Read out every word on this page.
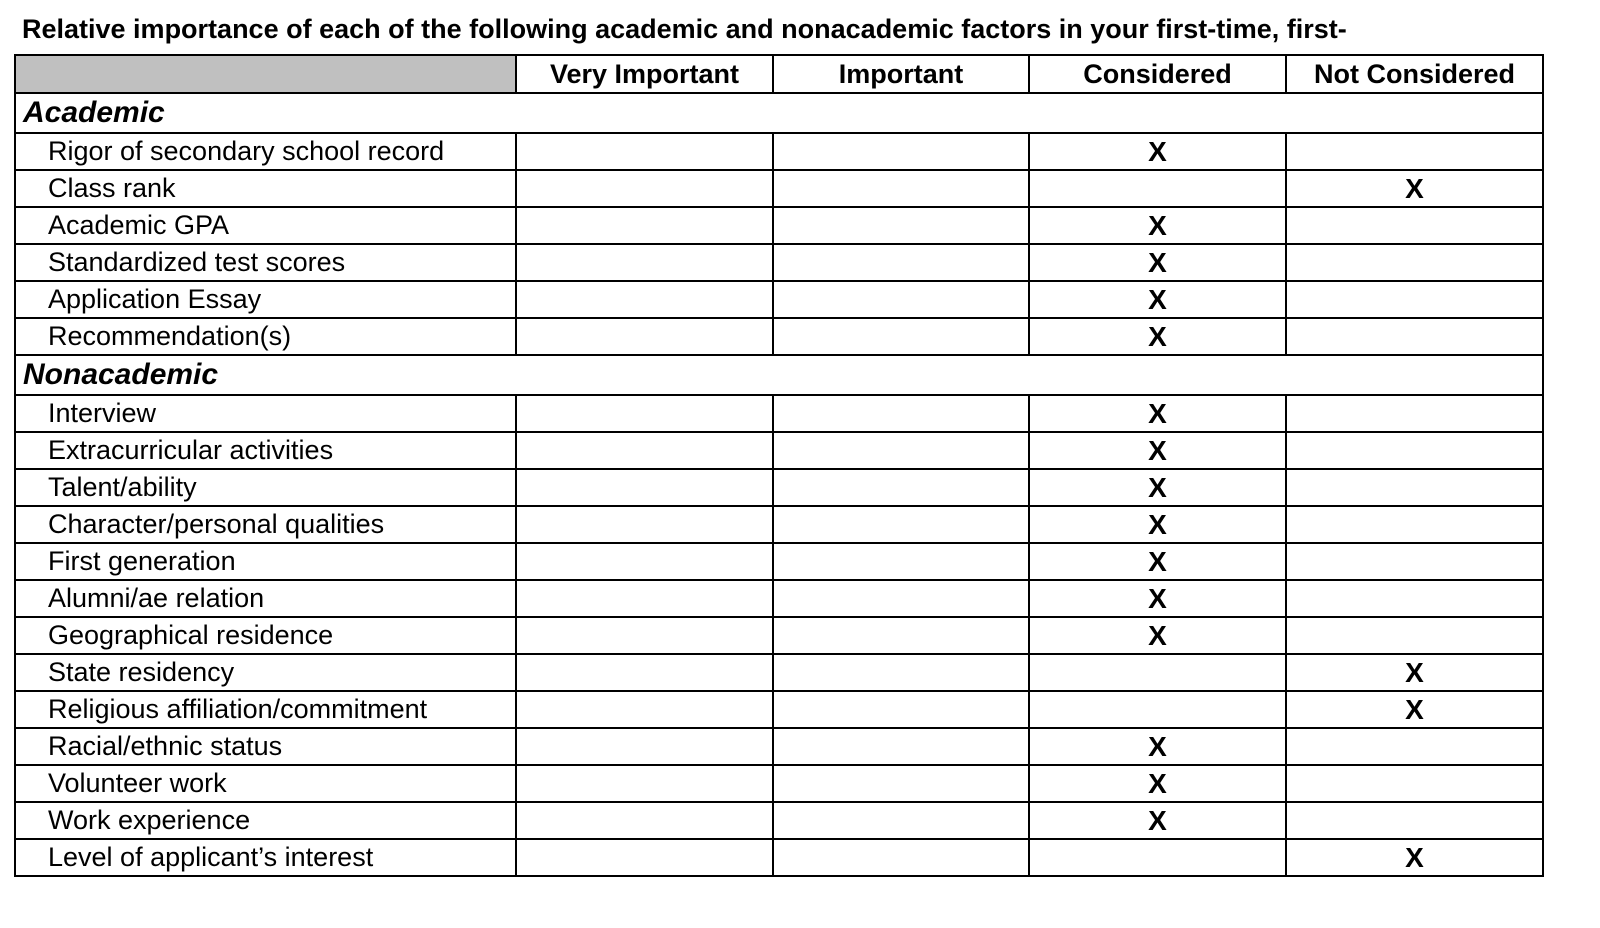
Relative importance of each of the following academic and nonacademic factors in your first-time, first-
	Very Important	Important	Considered	Not Considered
Academic				
Rigor of secondary school record			X	
Class rank				X
Academic GPA			X	
Standardized test scores			X	
Application Essay			X	
Recommendation(s)			X	
Nonacademic				
Interview			X	
Extracurricular activities			X	
Talent/ability			X	
Character/personal qualities			X	
First generation			X	
Alumni/ae relation			X	
Geographical residence			X	
State residency				X
Religious affiliation/commitment				X
Racial/ethnic status			X	
Volunteer work			X	
Work experience			X	
Level of applicant’s interest				X
